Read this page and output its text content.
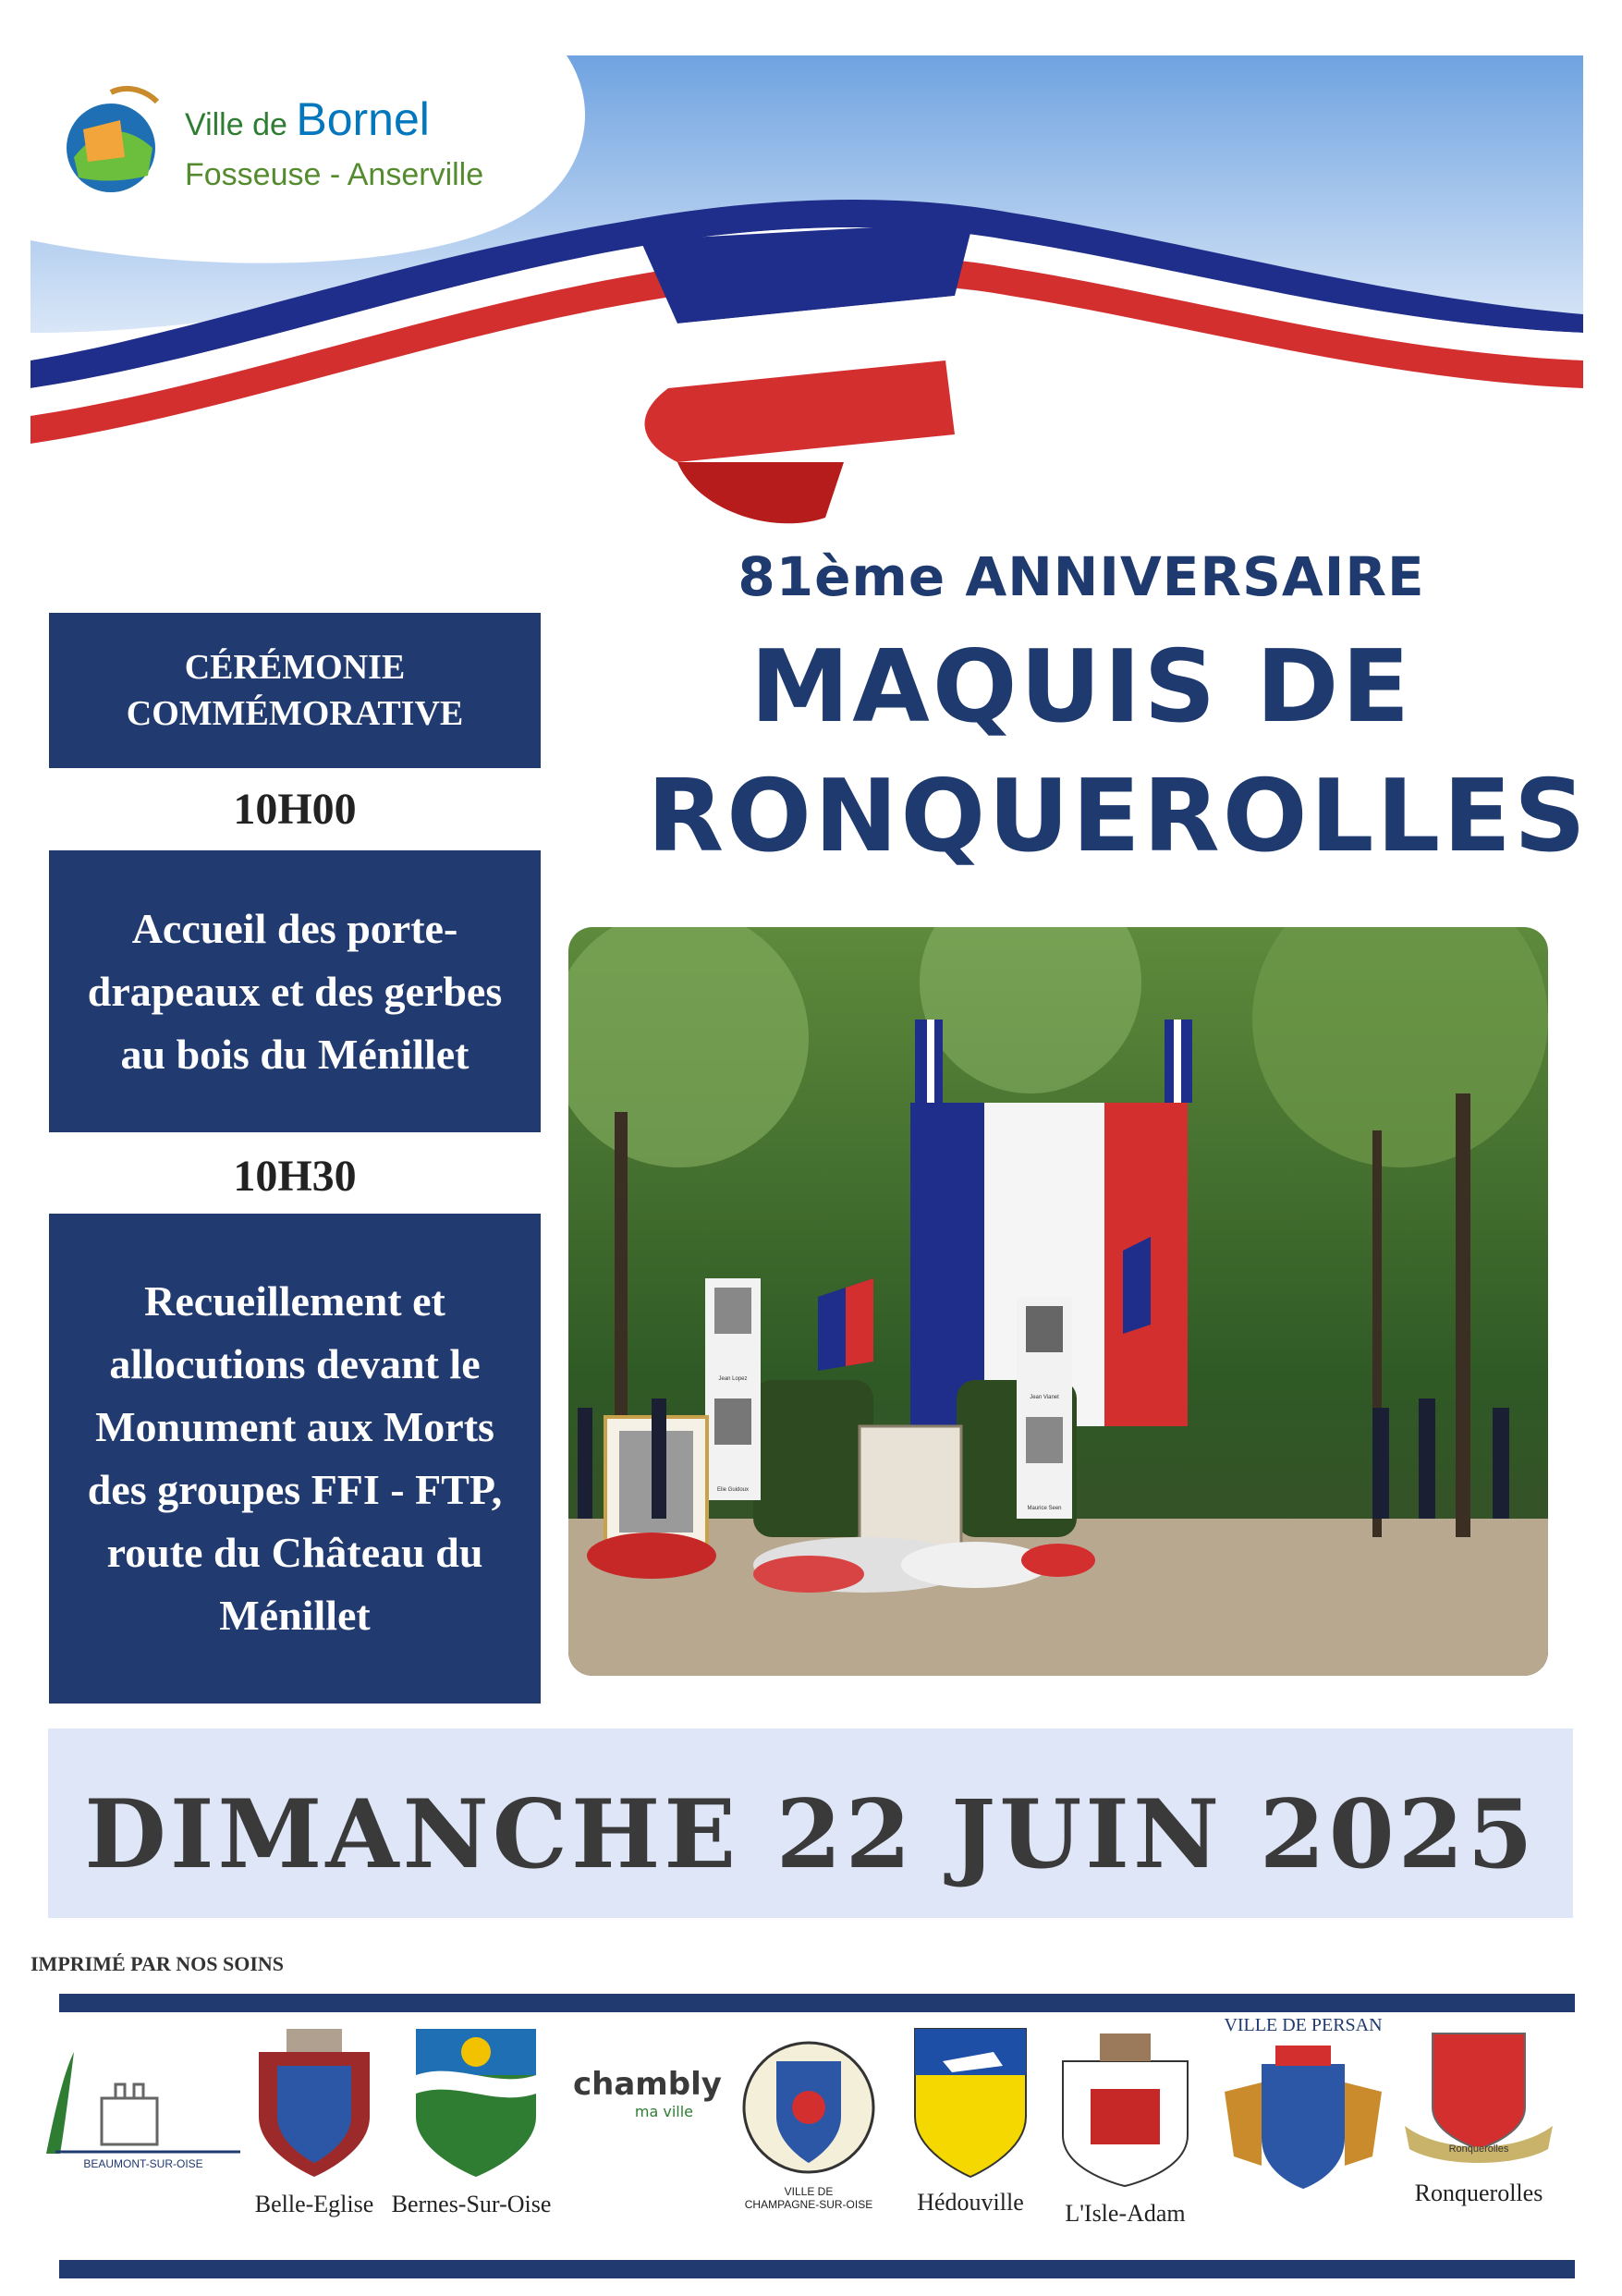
Ville de Bornel
Fosseuse - Anserville
81ème ANNIVERSAIRE
MAQUIS DE
RONQUEROLLES
CÉRÉMONIE
COMMÉMORATIVE
10H00
Accueil des porte-drapeaux et des gerbes au bois du Ménillet
10H30
Recueillement et allocutions devant le Monument aux Morts des groupes FFI - FTP, route du Château du Ménillet
Jean Lopez
Elie Guidoux
Jean Vianet
Maurice Seen
DIMANCHE 22 JUIN 2025
IMPRIMÉ PAR NOS SOINS
BEAUMONT-SUR-OISE
Belle-Eglise Bernes-Sur-Oise
chambly
ma ville
VILLE DE
CHAMPAGNE-SUR-OISE	Hédouville	L'Isle-Adam
VILLE DE PERSAN
Ronquerolles
Ronquerolles
